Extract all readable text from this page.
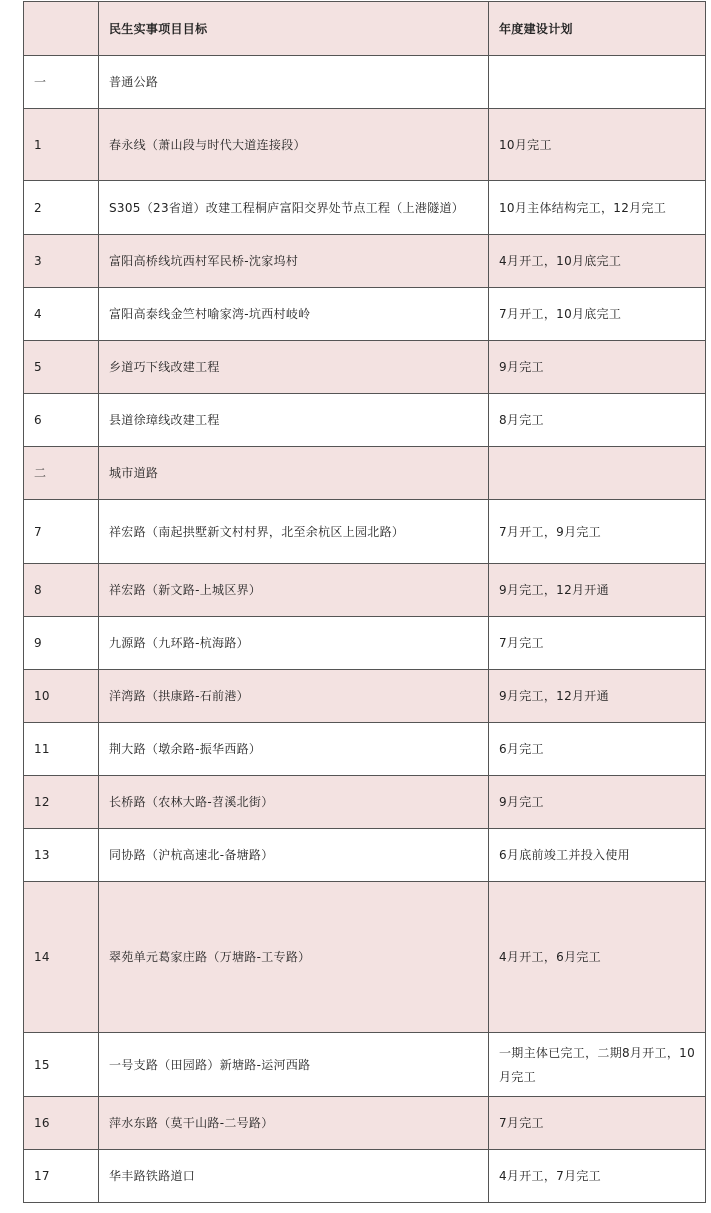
	民生实事项目目标	年度建设计划
一	普通公路	
1	春永线（萧山段与时代大道连接段）	10月完工
2	S305（23省道）改建工程桐庐富阳交界处节点工程（上港隧道）	10月主体结构完工，12月完工
3	富阳高桥线坑西村军民桥-沈家坞村	4月开工，10月底完工
4	富阳高泰线金竺村喻家湾-坑西村岐岭	7月开工，10月底完工
5	乡道巧下线改建工程	9月完工
6	县道徐璋线改建工程	8月完工
二	城市道路	
7	祥宏路（南起拱墅新文村村界，北至余杭区上园北路）	7月开工，9月完工
8	祥宏路（新文路-上城区界）	9月完工，12月开通
9	九源路（九环路-杭海路）	7月完工
10	洋湾路（拱康路-石前港）	9月完工，12月开通
11	荆大路（墩余路-振华西路）	6月完工
12	长桥路（农林大路-苕溪北街）	9月完工
13	同协路（沪杭高速北-备塘路）	6月底前竣工并投入使用
14	翠苑单元葛家庄路（万塘路-工专路）	4月开工，6月完工
15	一号支路（田园路）新塘路-运河西路	一期主体已完工，二期8月开工，10月完工
16	萍水东路（莫干山路-二号路）	7月完工
17	华丰路铁路道口	4月开工，7月完工
